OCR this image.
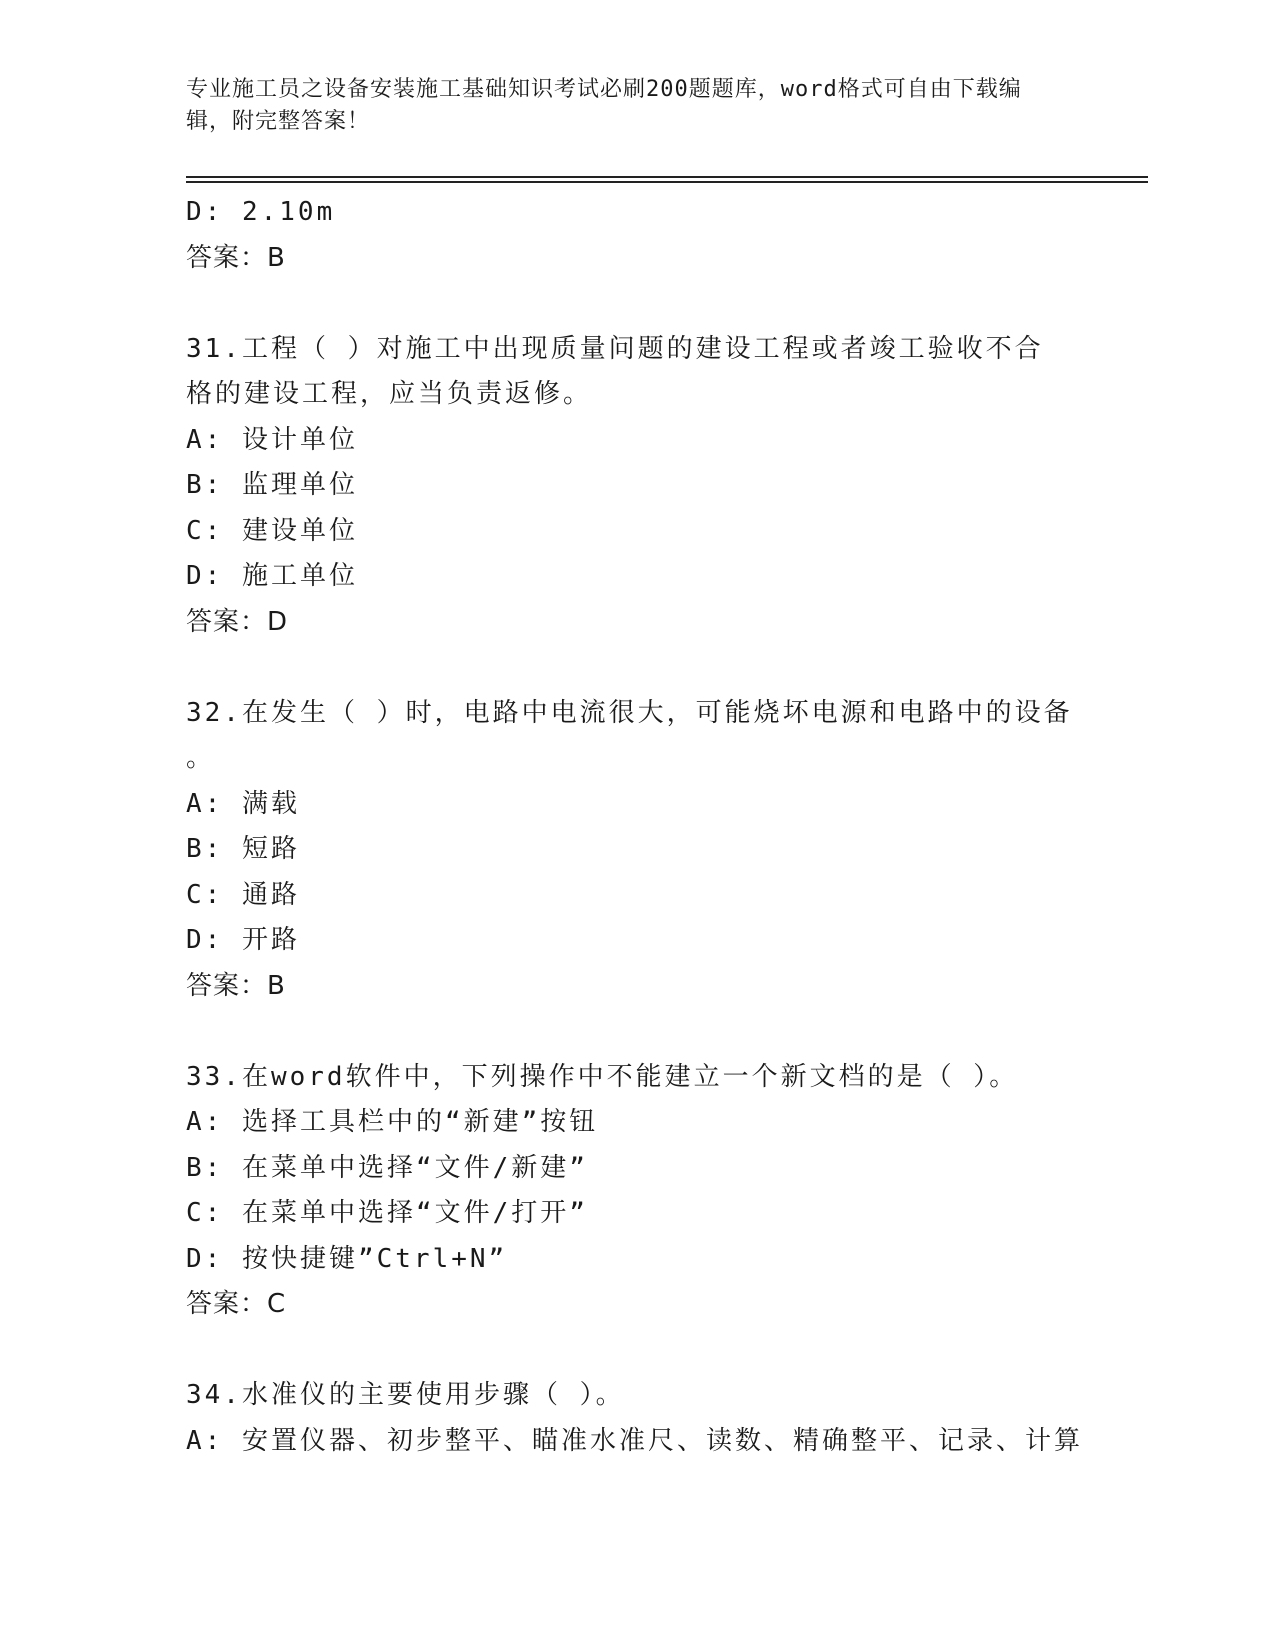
专业施工员之设备安装施工基础知识考试必刷200题题库，word格式可自由下载编辑，附完整答案！
D: 2.10m
答案：B
31.工程（ ）对施工中出现质量问题的建设工程或者竣工验收不合格的建设工程，应当负责返修。
A: 设计单位
B: 监理单位
C: 建设单位
D: 施工单位
答案：D
32.在发生（ ）时，电路中电流很大，可能烧坏电源和电路中的设备
。
A: 满载
B: 短路
C: 通路
D: 开路
答案：B
33.在word软件中，下列操作中不能建立一个新文档的是（ ）。
A: 选择工具栏中的“新建”按钮
B: 在菜单中选择“文件/新建”
C: 在菜单中选择“文件/打开”
D: 按快捷键”Ctrl+N”
答案：C
34.水准仪的主要使用步骤（ ）。
A: 安置仪器、初步整平、瞄准水准尺、读数、精确整平、记录、计算
